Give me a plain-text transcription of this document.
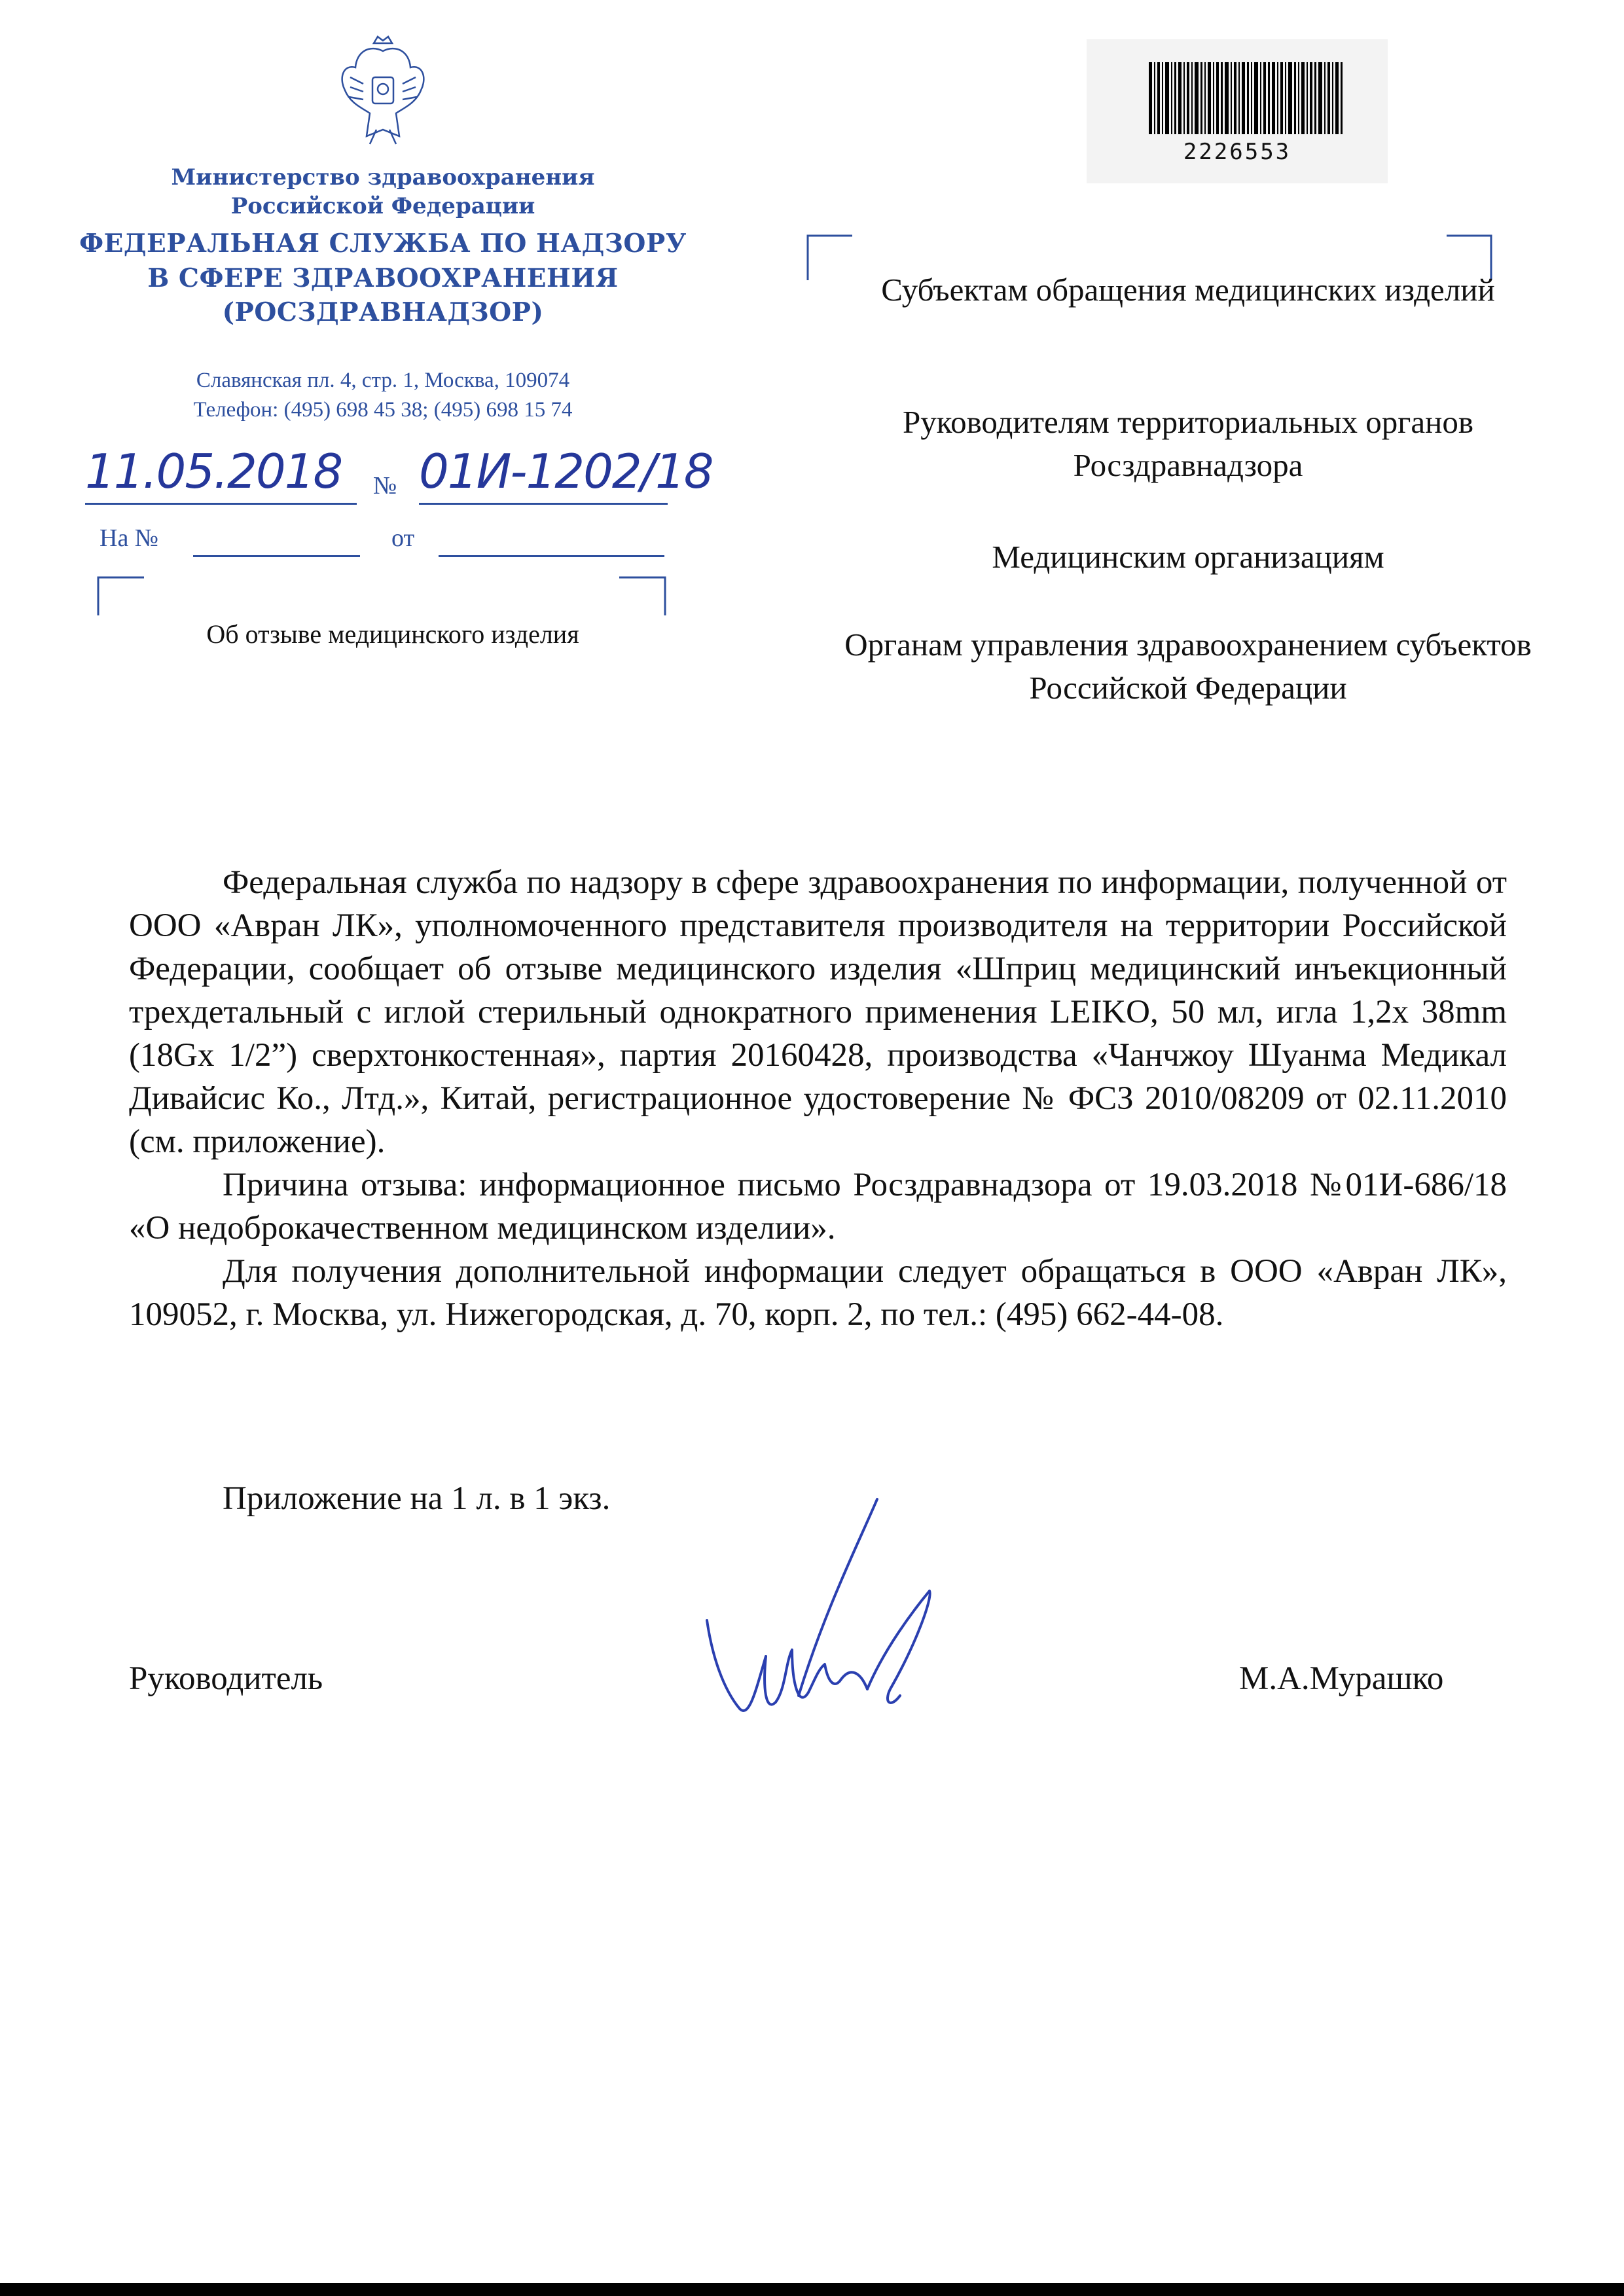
Министерство здравоохранения
Российской Федерации
ФЕДЕРАЛЬНАЯ СЛУЖБА ПО НАДЗОРУ
В СФЕРЕ ЗДРАВООХРАНЕНИЯ
(РОСЗДРАВНАДЗОР)
Славянская пл. 4, стр. 1, Москва, 109074
Телефон: (495) 698 45 38; (495) 698 15 74
11.05.2018 № 01И-1202/18
На №	от
Об отзыве медицинского изделия
2226553
Субъектам обращения медицинских изделий
Руководителям территориальных органов Росздравнадзора
Медицинским организациям
Органам управления здравоохранением субъектов Российской Федерации

Федеральная служба по надзору в сфере здравоохранения по информации, полученной от ООО «Авран ЛК», уполномоченного представителя производителя на территории Российской Федерации, сообщает об отзыве медицинского изделия «Шприц медицинский инъекционный трехдетальный с иглой стерильный однократного применения LEIKO, 50 мл, игла 1,2x 38mm (18Gx 1/2”) сверхтонкостенная», партия 20160428, производства «Чанчжоу Шуанма Медикал Дивайсис Ко., Лтд.», Китай, регистрационное удостоверение № ФСЗ 2010/08209 от 02.11.2010 (см. приложение).

Причина отзыва: информационное письмо Росздравнадзора от 19.03.2018 №01И-686/18 «О недоброкачественном медицинском изделии».

Для получения дополнительной информации следует обращаться в ООО «Авран ЛК», 109052, г. Москва, ул. Нижегородская, д. 70, корп. 2, по тел.: (495) 662-44-08.

Приложение на 1 л. в 1 экз.
Руководитель	М.А.Мурашко
